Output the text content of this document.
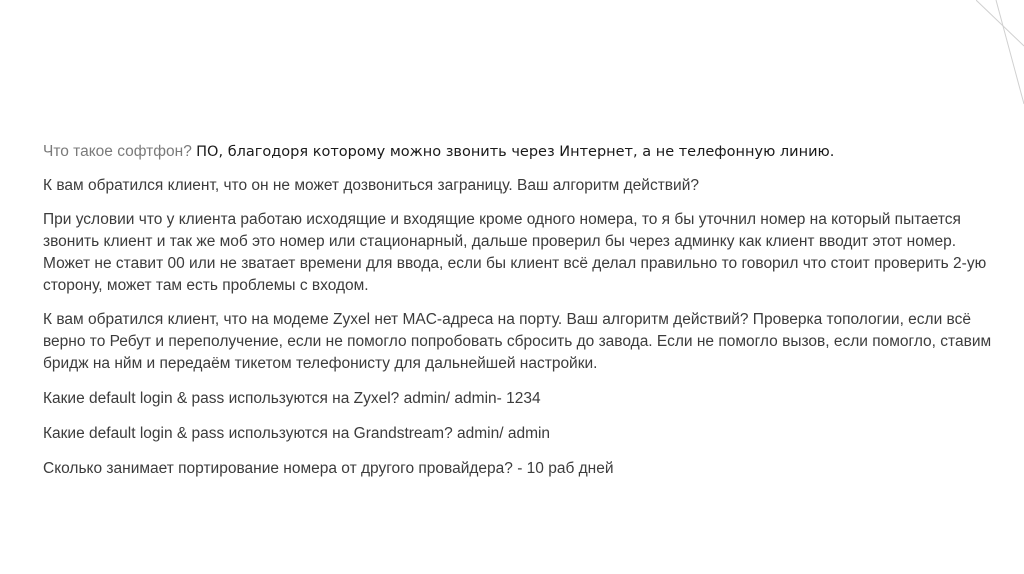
Что такое софтфон? ПО, благодоря которому можно звонить через Интернет, а не телефонную линию.

К вам обратился клиент, что он не может дозвониться заграницу. Ваш алгоритм действий?

При условии что у клиента работаю исходящие и входящие кроме одного номера, то я бы уточнил номер на который пытается звонить клиент и так же моб это номер или стационарный, дальше проверил бы через админку как клиент вводит этот номер. Может не ставит 00 или не зватает времени для ввода, если бы клиент всё делал правильно то говорил что стоит проверить 2-ую сторону, может там есть проблемы с входом.

К вам обратился клиент, что на модеме Zyxel нет MAC-адреса на порту. Ваш алгоритм действий? Проверка топологии, если всё верно то Ребут и переполучение, если не помогло попробовать сбросить до завода. Если не помогло вызов, если помогло, ставим бридж на нйм и передаём тикетом телефонисту для дальнейшей настройки.

Какие default login & pass используются на Zyxel? admin/ admin- 1234

Какие default login & pass используются на Grandstream? admin/ admin

Сколько занимает портирование номера от другого провайдера? - 10 раб дней
